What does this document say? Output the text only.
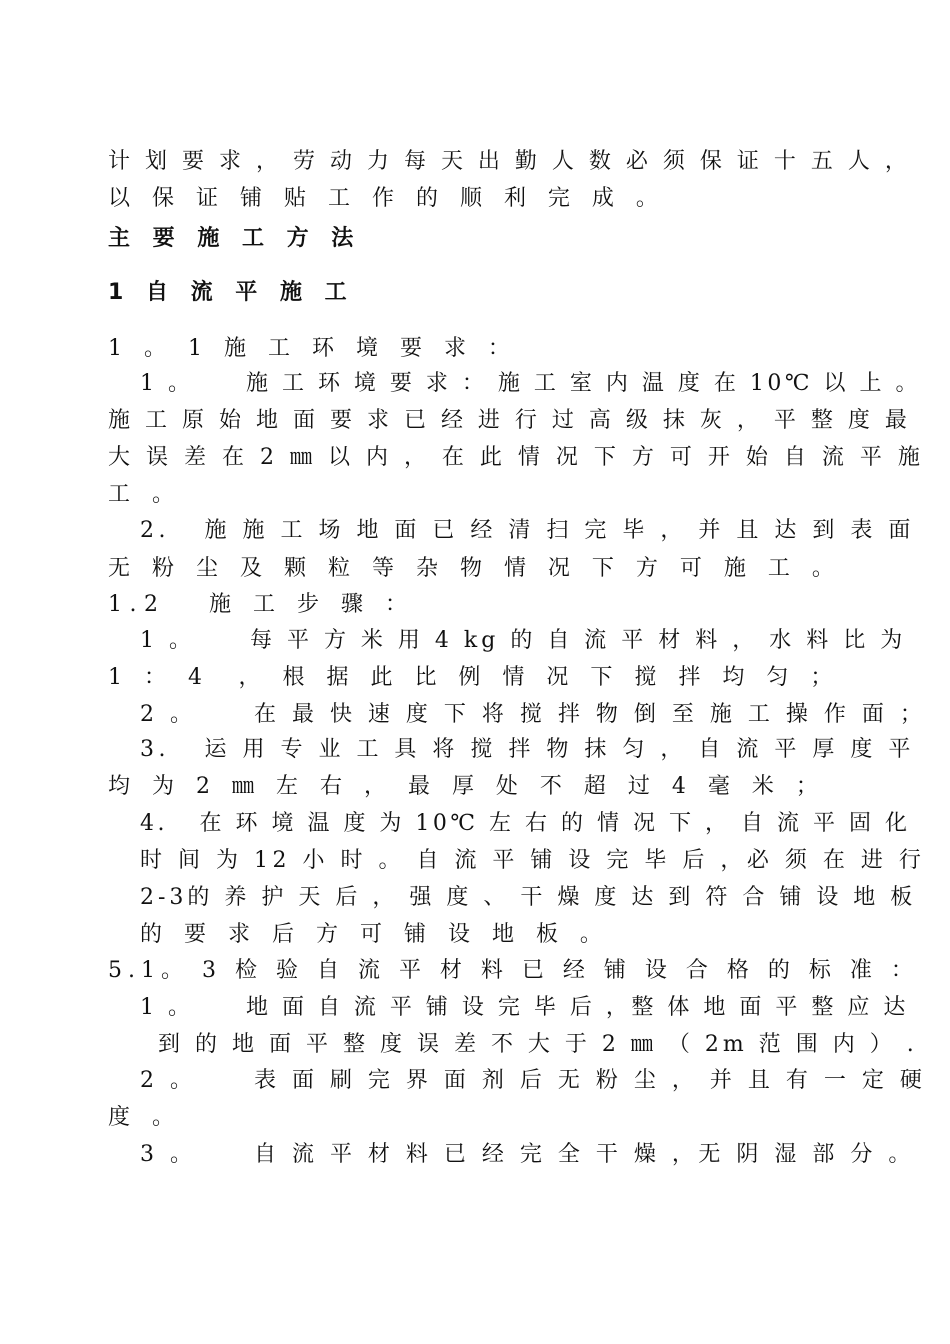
计 划 要 求 ， 劳 动 力 每 天 出 勤 人 数 必 须 保 证 十 五 人 ，
以 保 证 铺 贴 工 作 的 顺 利 完 成 。
主 要 施 工 方 法
1 自 流 平 施 工
1 。 1 施 工 环 境 要 求 ：
1 。     施 工 环 境 要 求 ： 施 工 室 内 温 度 在 10℃ 以 上 。
施 工 原 始 地 面 要 求 已 经 进 行 过 高 级 抹 灰 ， 平 整 度 最
大 误 差 在 2 ㎜ 以 内 ， 在 此 情 况 下 方 可 开 始 自 流 平 施
工 。
2.   施 施 工 场 地 面 已 经 清 扫 完 毕 ， 并 且 达 到 表 面
无 粉 尘 及 颗 粒 等 杂 物 情 况 下 方 可 施 工 。
1.2   施 工 步 骤 ：
1 。     每 平 方 米 用 4 kg 的 自 流 平 材 料 ， 水 料 比 为
1 ： 4  ， 根 据 此 比 例 情 况 下 搅 拌 均 匀 ；
2 。     在 最 快 速 度 下 将 搅 拌 物 倒 至 施 工 操 作 面 ；
3.   运 用 专 业 工 具 将 搅 拌 物 抹 匀 ， 自 流 平 厚 度 平
均 为 2 ㎜ 左 右 ， 最 厚 处 不 超 过 4 毫 米 ；
4.   在 环 境 温 度 为 10℃ 左 右 的 情 况 下 ， 自 流 平 固 化
时 间 为 12 小 时 。 自 流 平 铺 设 完 毕 后 ，必 须 在 进 行
2-3的 养 护 天 后 ， 强 度 、 干 燥 度 达 到 符 合 铺 设 地 板
的 要 求 后 方 可 铺 设 地 板 。
5.1。 3 检 验 自 流 平 材 料 已 经 铺 设 合 格 的 标 准 ：
1 。     地 面 自 流 平 铺 设 完 毕 后 ，整 体 地 面 平 整 应 达
到 的 地 面 平 整 度 误 差 不 大 于 2 ㎜ （ 2m 范 围 内 ） .
2 。     表 面 刷 完 界 面 剂 后 无 粉 尘 ， 并 且 有 一 定 硬
度 。
3 。     自 流 平 材 料 已 经 完 全 干 燥 ，无 阴 湿 部 分 。
